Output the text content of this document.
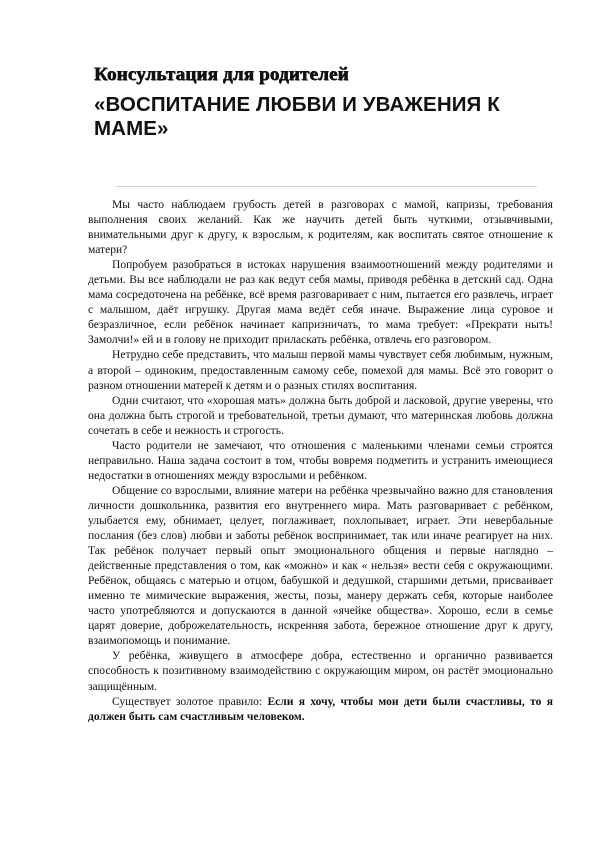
Консультация для родителей
«ВОСПИТАНИЕ ЛЮБВИ И УВАЖЕНИЯ К МАМЕ»

Мы часто наблюдаем грубость детей в разговорах с мамой, капризы, требования выполнения своих желаний. Как же научить детей быть чуткими, отзывчивыми, внимательными друг к другу, к взрослым, к родителям, как воспитать святое отношение к матери?

Попробуем разобраться в истоках нарушения взаимоотношений между родителями и детьми. Вы все наблюдали не раз как ведут себя мамы, приводя ребёнка в детский сад. Одна мама сосредоточена на ребёнке, всё время разговаривает с ним, пытается его развлечь, играет с малышом, даёт игрушку. Другая мама ведёт себя иначе. Выражение лица суровое и безразличное, если ребёнок начинает капризничать, то мама требует: «Прекрати ныть! Замолчи!» ей и в голову не приходит приласкать ребёнка, отвлечь его разговором.

Нетрудно себе представить, что малыш первой мамы чувствует себя любимым, нужным, а второй – одиноким, предоставленным самому себе, помехой для мамы. Всё это говорит о разном отношении матерей к детям и о разных стилях воспитания.

Одни считают, что «хорошая мать» должна быть доброй и ласковой, другие уверены, что она должна быть строгой и требовательной, третьи думают, что материнская любовь должна сочетать в себе и нежность и строгость.

Часто родители не замечают, что отношения с маленькими членами семьи строятся неправильно. Наша задача состоит в том, чтобы вовремя подметить и устранить имеющиеся недостатки в отношениях между взрослыми и ребёнком.

Общение со взрослыми, влияние матери на ребёнка чрезвычайно важно для становления личности дошкольника, развития его внутреннего мира. Мать разговаривает с ребёнком, улыбается ему, обнимает, целует, поглаживает, похлопывает, играет. Эти невербальные послания (без слов) любви и заботы ребёнок воспринимает, так или иначе реагирует на них. Так ребёнок получает первый опыт эмоционального общения и первые наглядно – действенные представления о том, как «можно» и как « нельзя» вести себя с окружающими. Ребёнок, общаясь с матерью и отцом, бабушкой и дедушкой, старшими детьми, присваивает именно те мимические выражения, жесты, позы, манеру держать себя, которые наиболее часто употребляются и допускаются в данной «ячейке общества». Хорошо, если в семье царят доверие, доброжелательность, искренняя забота, бережное отношение друг к другу, взаимопомощь и понимание.

У ребёнка, живущего в атмосфере добра, естественно и органично развивается способность к позитивному взаимодействию с окружающим миром, он растёт эмоционально защищённым.

Существует золотое правило: Если я хочу, чтобы мои дети были счастливы, то я должен быть сам счастливым человеком.
